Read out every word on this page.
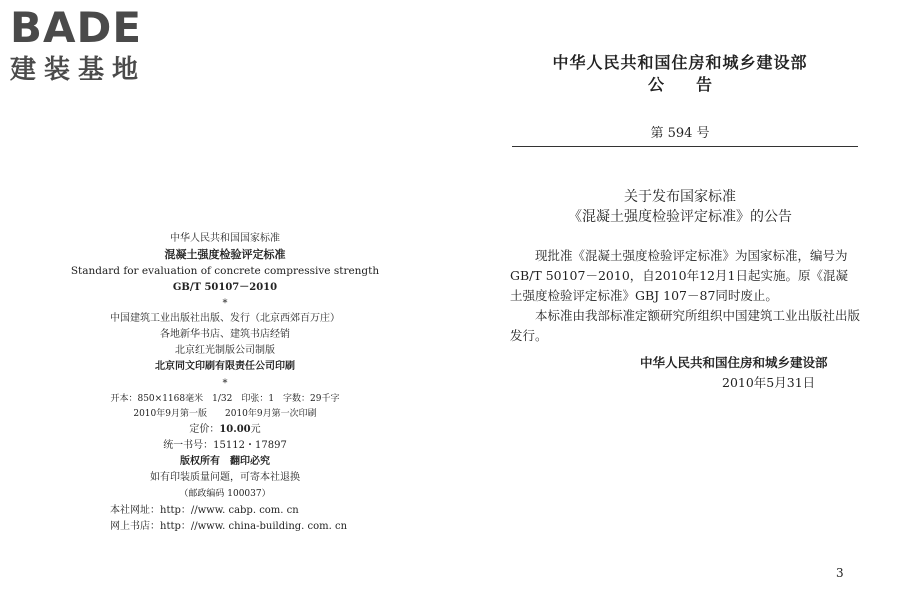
BADE
建装基地
中华人民共和国国家标准
混凝土强度检验评定标准
Standard for evaluation of concrete compressive strength
GB/T 50107－2010
*
中国建筑工业出版社出版、发行（北京西郊百万庄）
各地新华书店、建筑书店经销
北京红光制版公司制版
北京同文印刷有限责任公司印刷
*
开本：850×1168毫米　1/32　印张：1　字数：29千字
2010年9月第一版　　2010年9月第一次印刷
定价：10.00元
统一书号：15112・17897
版权所有　翻印必究
如有印装质量问题，可寄本社退换
（邮政编码 100037）
本社网址：http：//www. cabp. com. cn
网上书店：http：//www. china-building. com. cn
中华人民共和国住房和城乡建设部
公　　告
第 594 号
关于发布国家标准
《混凝土强度检验评定标准》的公告

现批准《混凝土强度检验评定标准》为国家标准，编号为GB/T 50107－2010，自2010年12月1日起实施。原《混凝土强度检验评定标准》GBJ 107－87同时废止。

本标准由我部标准定额研究所组织中国建筑工业出版社出版发行。

中华人民共和国住房和城乡建设部
2010年5月31日
3
